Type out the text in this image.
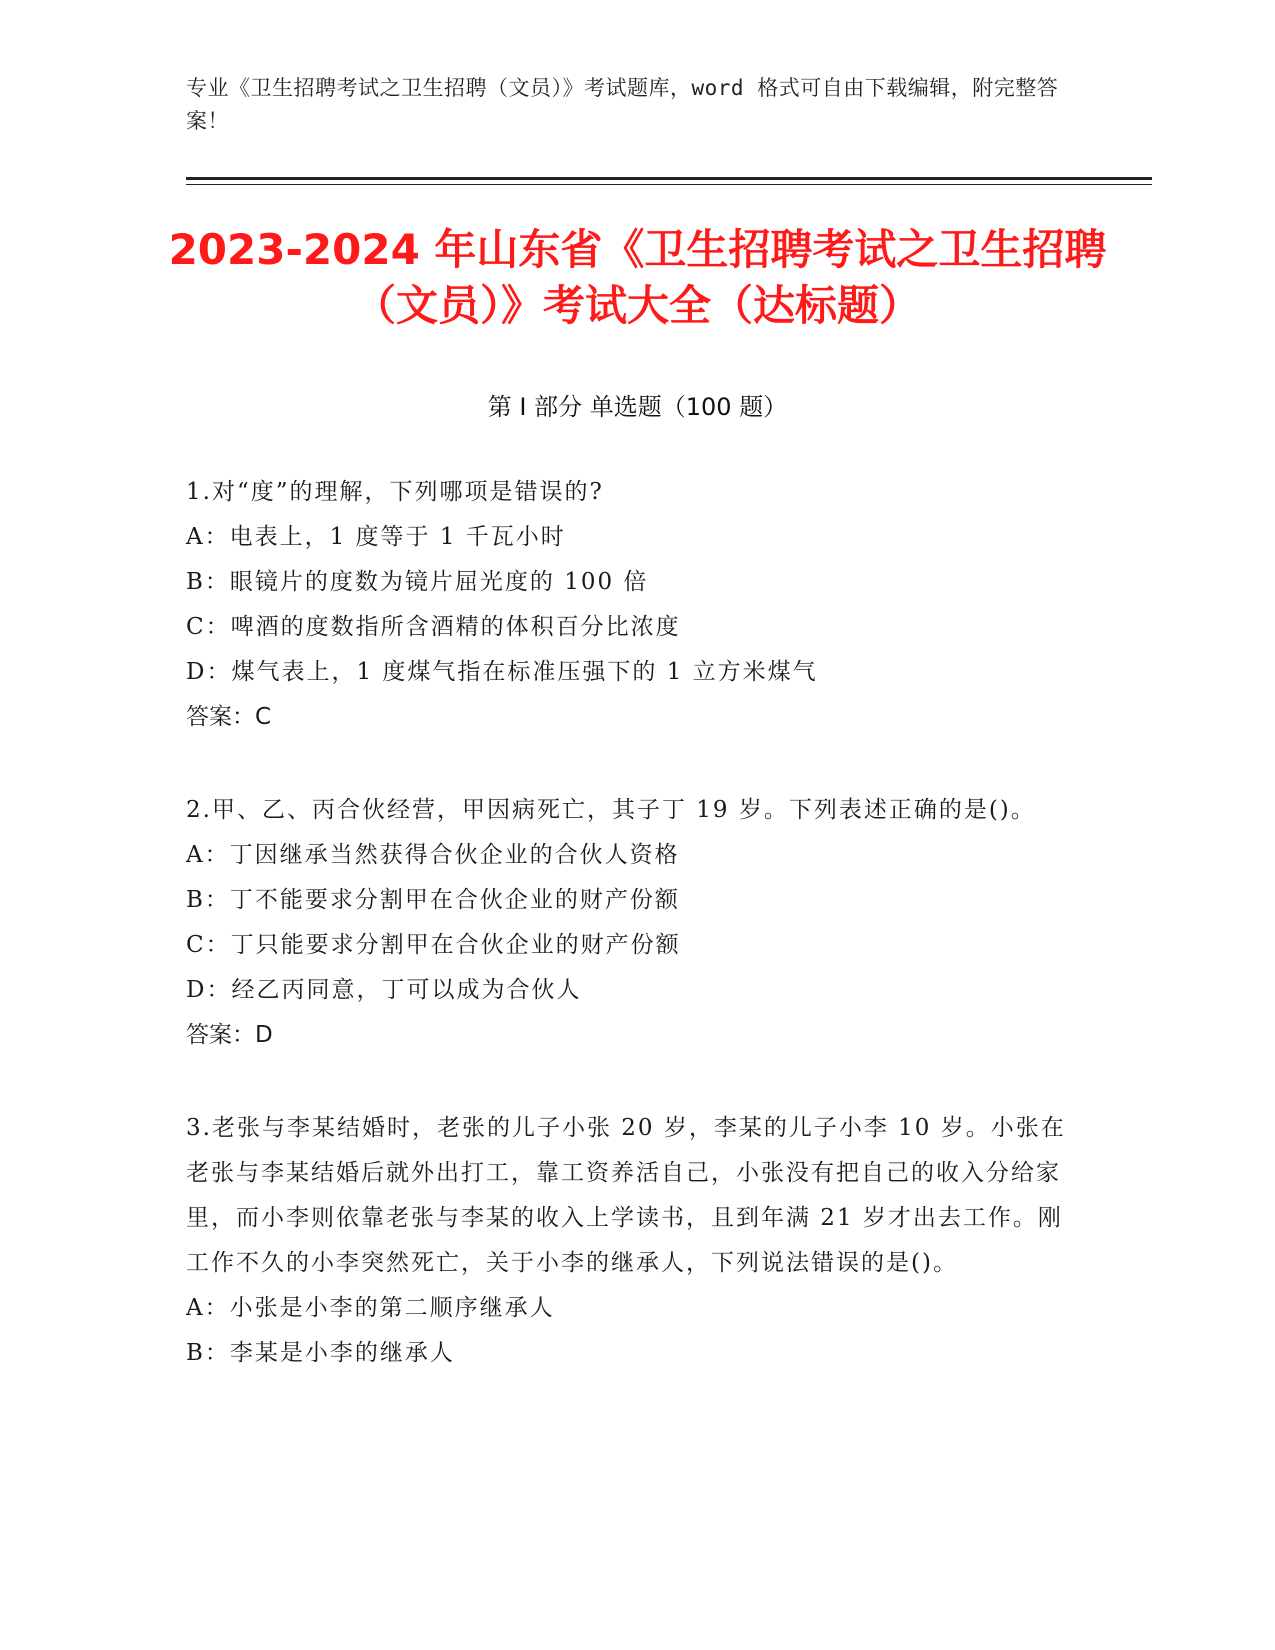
专业《卫生招聘考试之卫生招聘（文员）》考试题库，word 格式可自由下载编辑，附完整答案！
2023-2024 年山东省《卫生招聘考试之卫生招聘（文员）》考试大全（达标题）
第 I 部分 单选题（100 题）
1.对“度”的理解，下列哪项是错误的?
A：电表上，1 度等于 1 千瓦小时
B：眼镜片的度数为镜片屈光度的 100 倍
C：啤酒的度数指所含酒精的体积百分比浓度
D：煤气表上，1 度煤气指在标准压强下的 1 立方米煤气
答案：C
2.甲、乙、丙合伙经营，甲因病死亡，其子丁 19 岁。下列表述正确的是()。
A：丁因继承当然获得合伙企业的合伙人资格
B：丁不能要求分割甲在合伙企业的财产份额
C：丁只能要求分割甲在合伙企业的财产份额
D：经乙丙同意，丁可以成为合伙人
答案：D
3.老张与李某结婚时，老张的儿子小张 20 岁，李某的儿子小李 10 岁。小张在老张与李某结婚后就外出打工，靠工资养活自己，小张没有把自己的收入分给家里，而小李则依靠老张与李某的收入上学读书，且到年满 21 岁才出去工作。刚工作不久的小李突然死亡，关于小李的继承人，下列说法错误的是()。
A：小张是小李的第二顺序继承人
B：李某是小李的继承人
